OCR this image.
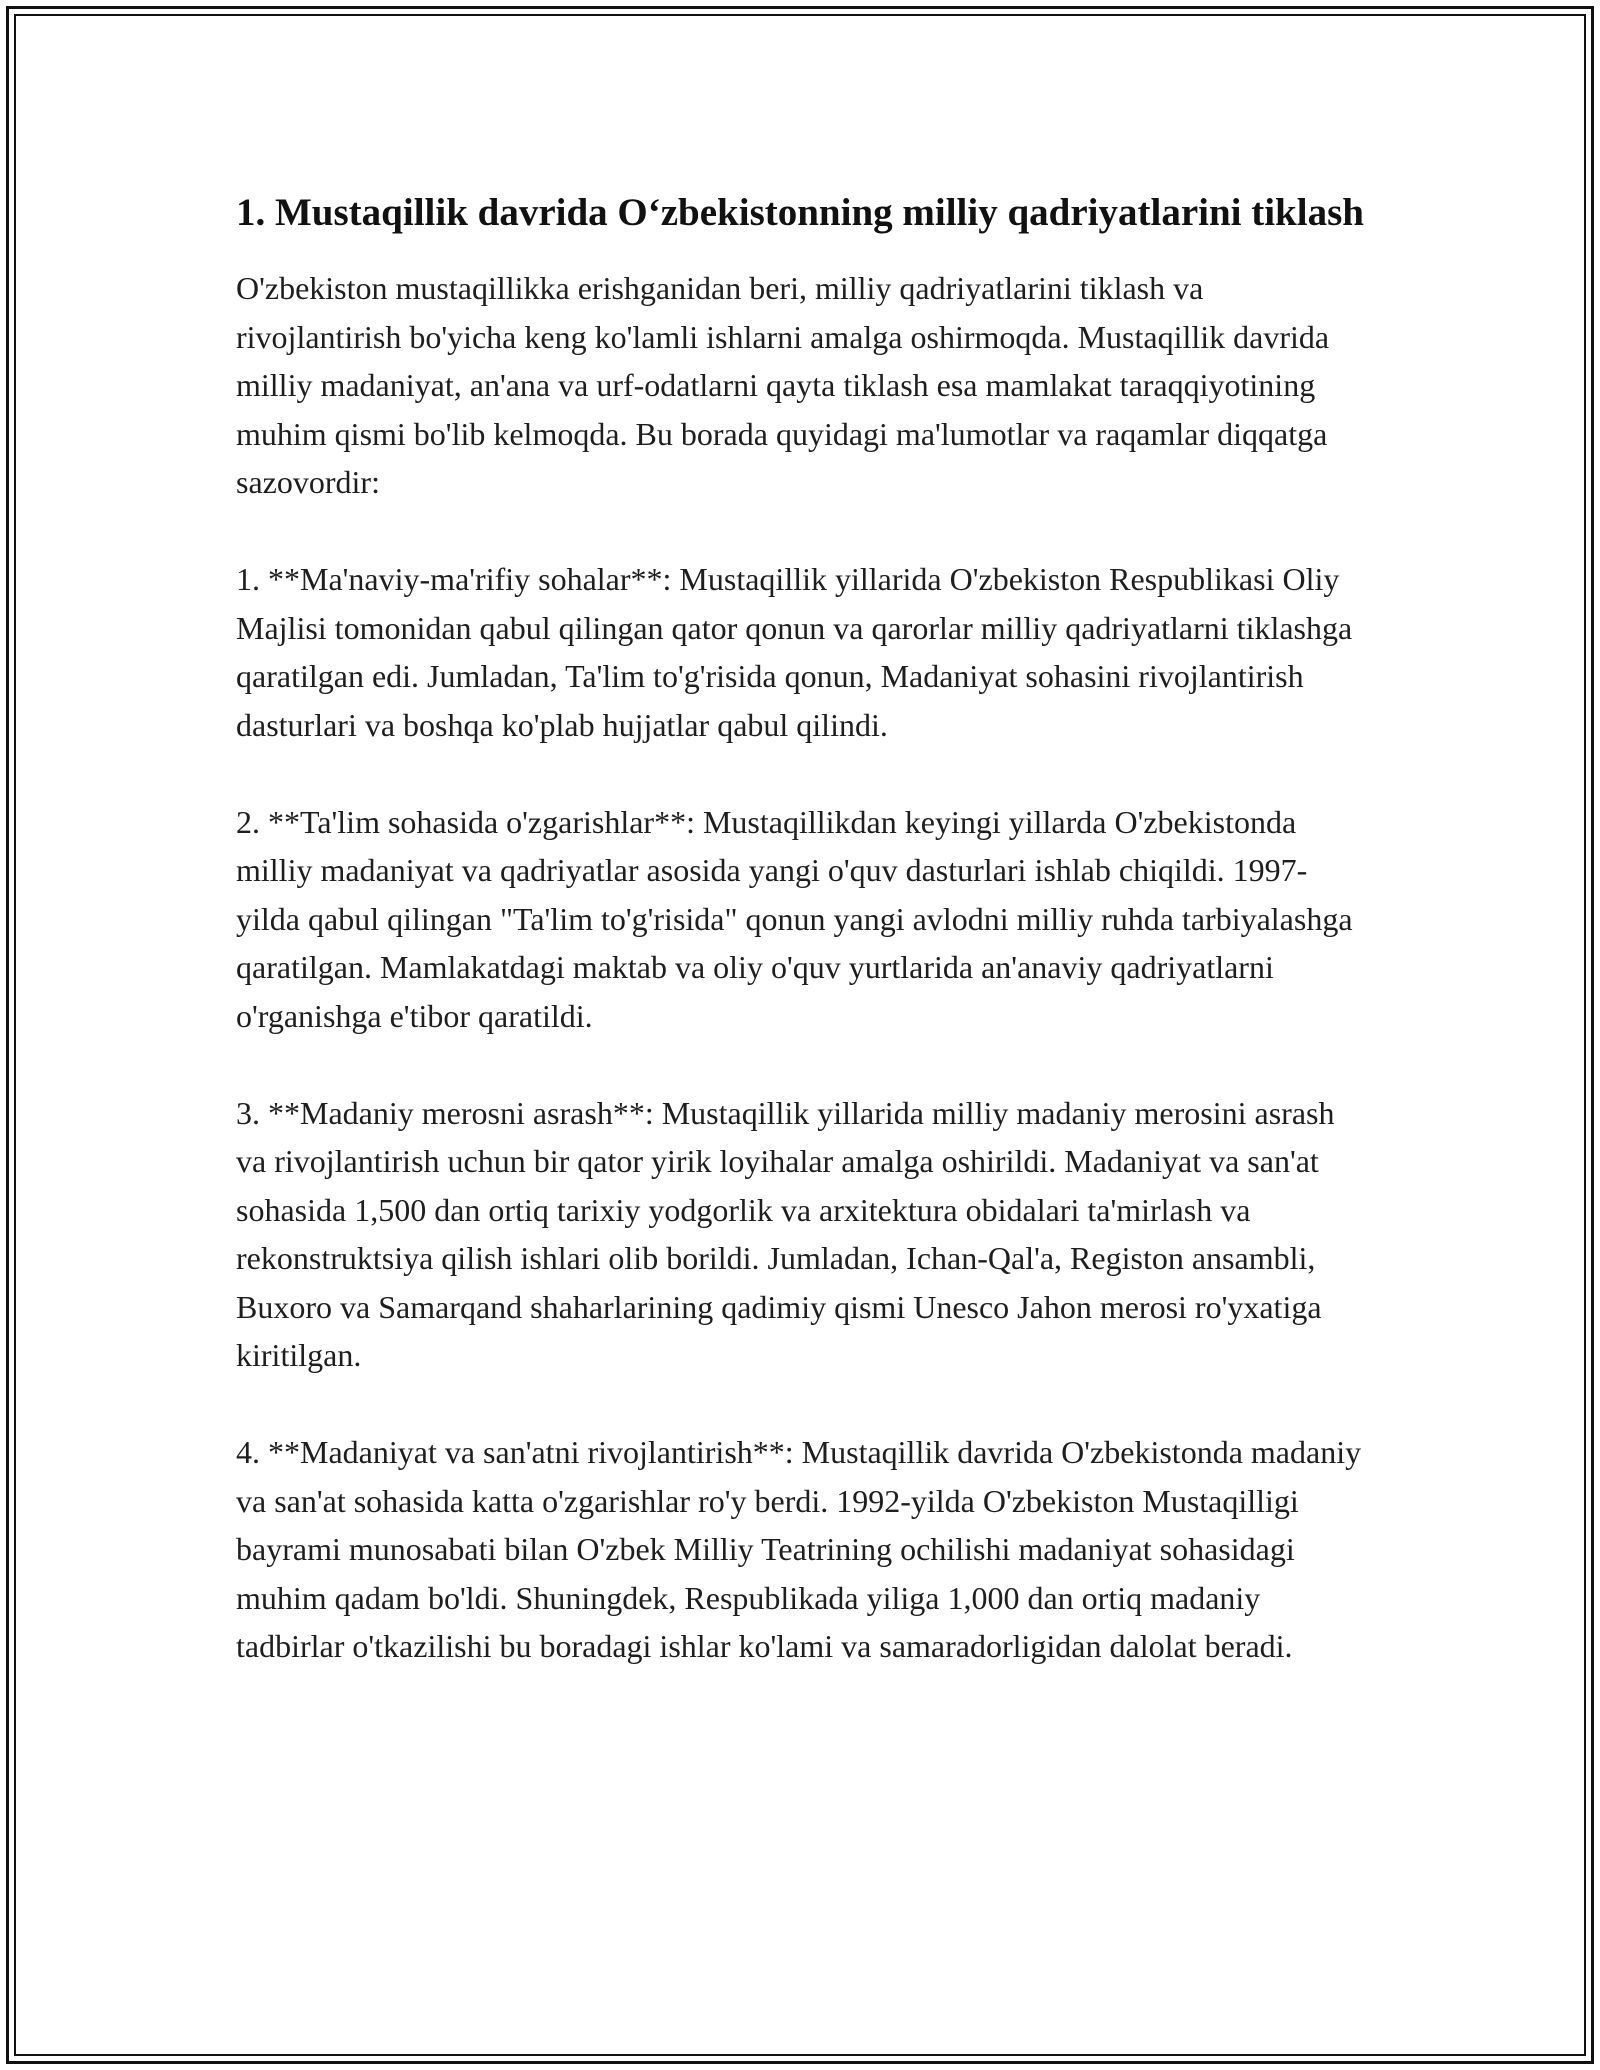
1. Mustaqillik davrida O‘zbekistonning milliy qadriyatlarini tiklash

O'zbekiston mustaqillikka erishganidan beri, milliy qadriyatlarini tiklash va rivojlantirish bo'yicha keng ko'lamli ishlarni amalga oshirmoqda. Mustaqillik davrida milliy madaniyat, an'ana va urf-odatlarni qayta tiklash esa mamlakat taraqqiyotining muhim qismi bo'lib kelmoqda. Bu borada quyidagi ma'lumotlar va raqamlar diqqatga sazovordir:

1. **Ma'naviy-ma'rifiy sohalar**: Mustaqillik yillarida O'zbekiston Respublikasi Oliy Majlisi tomonidan qabul qilingan qator qonun va qarorlar milliy qadriyatlarni tiklashga qaratilgan edi. Jumladan, Ta'lim to'g'risida qonun, Madaniyat sohasini rivojlantirish dasturlari va boshqa ko'plab hujjatlar qabul qilindi.

2. **Ta'lim sohasida o'zgarishlar**: Mustaqillikdan keyingi yillarda O'zbekistonda milliy madaniyat va qadriyatlar asosida yangi o'quv dasturlari ishlab chiqildi. 1997-yilda qabul qilingan "Ta'lim to'g'risida" qonun yangi avlodni milliy ruhda tarbiyalashga qaratilgan. Mamlakatdagi maktab va oliy o'quv yurtlarida an'anaviy qadriyatlarni o'rganishga e'tibor qaratildi.

3. **Madaniy merosni asrash**: Mustaqillik yillarida milliy madaniy merosini asrash va rivojlantirish uchun bir qator yirik loyihalar amalga oshirildi. Madaniyat va san'at sohasida 1,500 dan ortiq tarixiy yodgorlik va arxitektura obidalari ta'mirlash va rekonstruktsiya qilish ishlari olib borildi. Jumladan, Ichan-Qal'a, Registon ansambli, Buxoro va Samarqand shaharlarining qadimiy qismi Unesco Jahon merosi ro'yxatiga kiritilgan.

4. **Madaniyat va san'atni rivojlantirish**: Mustaqillik davrida O'zbekistonda madaniy va san'at sohasida katta o'zgarishlar ro'y berdi. 1992-yilda O'zbekiston Mustaqilligi bayrami munosabati bilan O'zbek Milliy Teatrining ochilishi madaniyat sohasidagi muhim qadam bo'ldi. Shuningdek, Respublikada yiliga 1,000 dan ortiq madaniy tadbirlar o'tkazilishi bu boradagi ishlar ko'lami va samaradorligidan dalolat beradi.
